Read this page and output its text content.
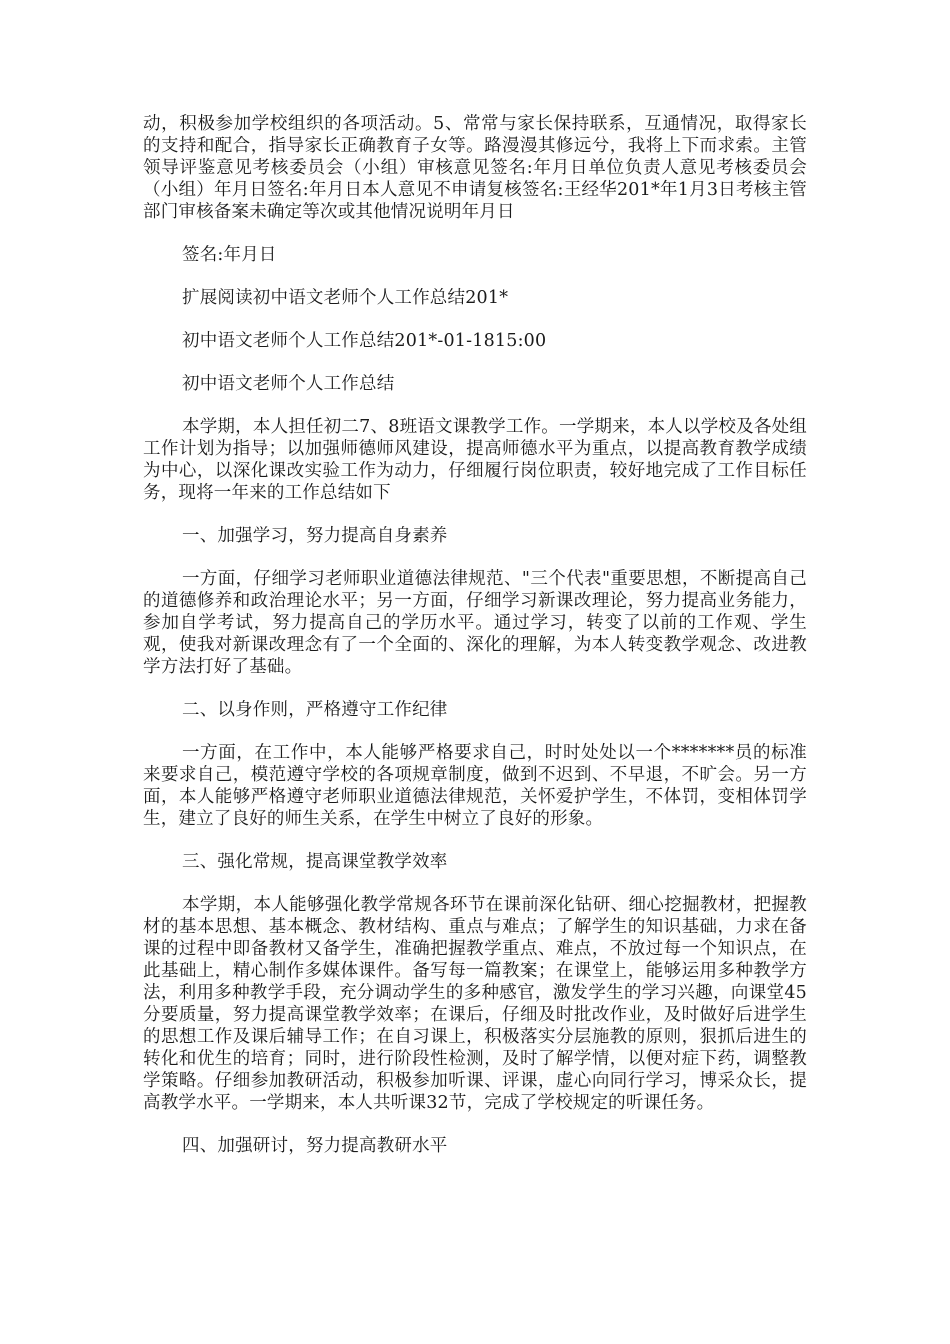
动，积极参加学校组织的各项活动。5、常常与家长保持联系，互通情况，取得家长的支持和配合，指导家长正确教育子女等。路漫漫其修远兮，我将上下而求索。主管领导评鉴意见考核委员会（小组）审核意见签名:年月日单位负责人意见考核委员会（小组）年月日签名:年月日本人意见不申请复核签名:王经华201*年1月3日考核主管部门审核备案未确定等次或其他情况说明年月日

签名:年月日

扩展阅读初中语文老师个人工作总结201*

初中语文老师个人工作总结201*-01-1815:00

初中语文老师个人工作总结

本学期，本人担任初二7、8班语文课教学工作。一学期来，本人以学校及各处组工作计划为指导；以加强师德师风建设，提高师德水平为重点，以提高教育教学成绩为中心，以深化课改实验工作为动力，仔细履行岗位职责，较好地完成了工作目标任务，现将一年来的工作总结如下

一、加强学习，努力提高自身素养

一方面，仔细学习老师职业道德法律规范、"三个代表"重要思想，不断提高自己的道德修养和政治理论水平；另一方面，仔细学习新课改理论，努力提高业务能力，参加自学考试，努力提高自己的学历水平。通过学习，转变了以前的工作观、学生观，使我对新课改理念有了一个全面的、深化的理解，为本人转变教学观念、改进教学方法打好了基础。

二、以身作则，严格遵守工作纪律

一方面，在工作中，本人能够严格要求自己，时时处处以一个*******员的标准来要求自己，模范遵守学校的各项规章制度，做到不迟到、不早退，不旷会。另一方面，本人能够严格遵守老师职业道德法律规范，关怀爱护学生，不体罚，变相体罚学生，建立了良好的师生关系，在学生中树立了良好的形象。

三、强化常规，提高课堂教学效率

本学期，本人能够强化教学常规各环节在课前深化钻研、细心挖掘教材，把握教材的基本思想、基本概念、教材结构、重点与难点；了解学生的知识基础，力求在备课的过程中即备教材又备学生，准确把握教学重点、难点，不放过每一个知识点，在此基础上，精心制作多媒体课件。备写每一篇教案；在课堂上，能够运用多种教学方法，利用多种教学手段，充分调动学生的多种感官，激发学生的学习兴趣，向课堂45分要质量，努力提高课堂教学效率；在课后，仔细及时批改作业，及时做好后进学生的思想工作及课后辅导工作；在自习课上，积极落实分层施教的原则，狠抓后进生的转化和优生的培育；同时，进行阶段性检测，及时了解学情，以便对症下药，调整教学策略。仔细参加教研活动，积极参加听课、评课，虚心向同行学习，博采众长，提高教学水平。一学期来，本人共听课32节，完成了学校规定的听课任务。

四、加强研讨，努力提高教研水平
